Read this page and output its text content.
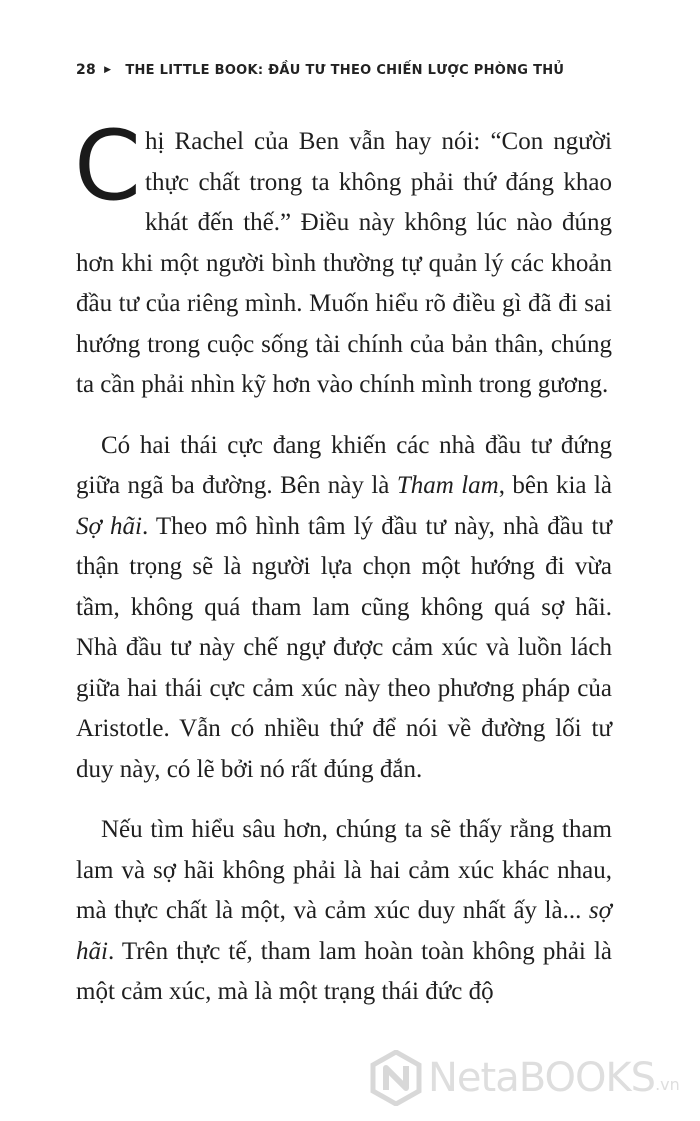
28 ▶ THE LITTLE BOOK: ĐẦU TƯ THEO CHIẾN LƯỢC PHÒNG THỦ

Chị Rachel của Ben vẫn hay nói: “Con người thực chất trong ta không phải thứ đáng khao khát đến thế.” Điều này không lúc nào đúng hơn khi một người bình thường tự quản lý các khoản đầu tư của riêng mình. Muốn hiểu rõ điều gì đã đi sai hướng trong cuộc sống tài chính của bản thân, chúng ta cần phải nhìn kỹ hơn vào chính mình trong gương.

Có hai thái cực đang khiến các nhà đầu tư đứng giữa ngã ba đường. Bên này là Tham lam, bên kia là Sợ hãi. Theo mô hình tâm lý đầu tư này, nhà đầu tư thận trọng sẽ là người lựa chọn một hướng đi vừa tầm, không quá tham lam cũng không quá sợ hãi. Nhà đầu tư này chế ngự được cảm xúc và luồn lách giữa hai thái cực cảm xúc này theo phương pháp của Aristotle. Vẫn có nhiều thứ để nói về đường lối tư duy này, có lẽ bởi nó rất đúng đắn.

Nếu tìm hiểu sâu hơn, chúng ta sẽ thấy rằng tham lam và sợ hãi không phải là hai cảm xúc khác nhau, mà thực chất là một, và cảm xúc duy nhất ấy là... sợ hãi. Trên thực tế, tham lam hoàn toàn không phải là một cảm xúc, mà là một trạng thái đức độ

NetaBOOKS .vn
